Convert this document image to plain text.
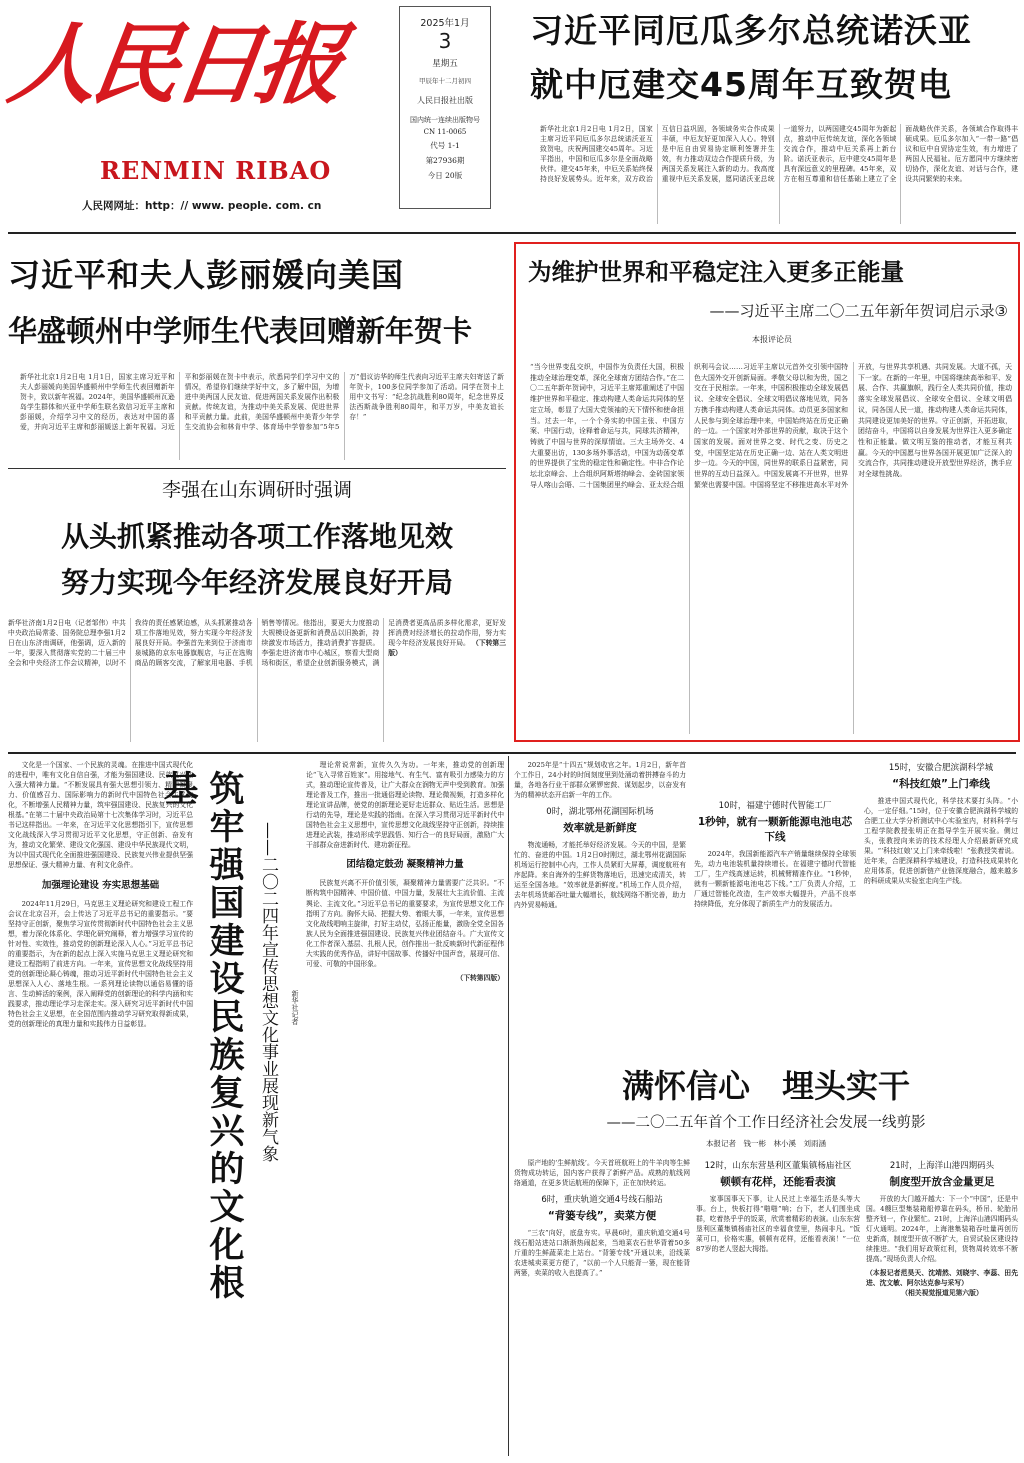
人民日报
RENMIN RIBAO
人民网网址：http：// www. people. com. cn
2025年1月
3
星期五
甲辰年十二月初四
人民日报社出版
国内统一连续出版物号
CN 11-0065
代号 1-1
第27936期
今日 20版
习近平同厄瓜多尔总统诺沃亚
就中厄建交45周年互致贺电
新华社北京1月2日电 1月2日，国家主席习近平同厄瓜多尔总统诺沃亚互致贺电，庆祝两国建交45周年。习近平指出，中国和厄瓜多尔是全面战略伙伴。建交45年来，中厄关系始终保持良好发展势头。近年来，双方政治互信日益巩固，各领域务实合作成果丰硕，中厄友好更加深入人心。特别是中厄自由贸易协定顺利签署并生效，有力推动双边合作提质升级，为两国关系发展注入新的动力。我高度重视中厄关系发展，愿同诺沃亚总统一道努力，以两国建交45周年为新起点，推动中厄传统友谊，深化各领域交流合作，推动中厄关系再上新台阶。诺沃亚表示，厄中建交45周年是具有深远意义的里程碑。45年来，双方在相互尊重和信任基础上建立了全面战略伙伴关系，各领域合作取得丰硕成果。厄瓜多尔加入“一带一路”倡议和厄中自贸协定生效，有力增进了两国人民福祉。厄方愿同中方继续密切协作，深化友谊、对话与合作，建设共同繁荣的未来。
习近平和夫人彭丽媛向美国
华盛顿州中学师生代表回赠新年贺卡
新华社北京1月2日电 1月1日，国家主席习近平和夫人彭丽媛向美国华盛顿州中学师生代表回赠新年贺卡，致以新年祝福。2024年，美国华盛顿州瓦逊岛学生群体和兴亚中学师生联名致信习近平主席和彭丽媛，介绍学习中文的经历，表达对中国的喜爱，并向习近平主席和彭丽媛送上新年祝福。习近平和彭丽媛在贺卡中表示，欣悉同学们学习中文的情况，希望你们继续学好中文，多了解中国，为增进中美两国人民友谊、促进两国关系发展作出积极贡献。传统友谊，为推动中美关系发展、促进世界和平贡献力量。此前，美国华盛顿州中美青少年学生交流协会和林肯中学、体育场中学曾参加“5年5万”倡议访华的师生代表向习近平主席夫妇寄送了新年贺卡，100多位同学参加了活动。同学在贺卡上用中文书写：“纪念抗战胜利80周年，纪念世界反法西斯战争胜利80周年，和平万岁，中美友谊长存！”
李强在山东调研时强调
从头抓紧推动各项工作落地见效
努力实现今年经济发展良好开局
新华社济南1月2日电（记者邹伟）中共中央政治局常委、国务院总理李强1月2日在山东济南调研，他强调，迈入新的一年，要深入贯彻落实党的二十届三中全会和中央经济工作会议精神，以时不我待的责任感紧迫感，从头抓紧推动各项工作落地见效，努力实现今年经济发展良好开局。李强首先来到位于济南市泉城路的京东电器旗舰店，与正在选购商品的顾客交流，了解家用电器、手机销售等情况。他指出，要更大力度推动大规模设备更新和消费品以旧换新，持续激发市场活力，推动消费扩容提质。李强走进济南市中心城区，察看大型商场和街区，希望企业创新服务模式，满足消费者更高品质多样化需求，更好发挥消费对经济增长的拉动作用，努力实现今年经济发展良好开局。 （下转第三版）
为维护世界和平稳定注入更多正能量
——习近平主席二〇二五年新年贺词启示录③
本报评论员
“当今世界变乱交织，中国作为负责任大国，积极推动全球治理变革，深化全球南方团结合作。”在二〇二五年新年贺词中，习近平主席郑重阐述了中国维护世界和平稳定、推动构建人类命运共同体的坚定立场，彰显了大国大党领袖的天下情怀和使命担当。过去一年，一个个务实的中国主张、中国方案、中国行动，诠释着命运与共，同球共济精神，铸就了中国与世界的深厚情谊。三大主场外交、4大重要出访，130多场外事活动，中国为动荡变革的世界提供了宝贵的稳定性和确定性。中非合作论坛北京峰会、上合组织阿斯塔纳峰会、金砖国家领导人喀山会晤、二十国集团里约峰会、亚太经合组织利马会议……习近平主席以元首外交引领中国特色大国外交开创新局面。孝敬父母以和为贵，国之交在于民相亲。一年来，中国积极推动全球发展倡议、全球安全倡议、全球文明倡议落地见效，同各方携手推动构建人类命运共同体。动员更多国家和人民参与到全球治理中来，中国始终站在历史正确的一边。一个国家对外部世界的贡献，取决于这个国家的发展。面对世界之变、时代之变、历史之变，中国坚定站在历史正确一边、站在人类文明进步一边。今天的中国，同世界的联系日益紧密，同世界的互动日益深入。中国发展离不开世界，世界繁荣也需要中国。中国将坚定不移推进高水平对外开放，与世界共享机遇、共同发展。大道不孤，天下一家。在新的一年里，中国将继续高举和平、发展、合作、共赢旗帜，践行全人类共同价值，推动落实全球发展倡议、全球安全倡议、全球文明倡议，同各国人民一道，推动构建人类命运共同体，共同建设更加美好的世界。守正创新，开拓进取，团结奋斗，中国将以自身发展为世界注入更多确定性和正能量。做文明互鉴的推动者，才能互利共赢。今天的中国愿与世界各国开展更加广泛深入的交流合作，共同推动建设开放型世界经济，携手应对全球性挑战。

文化是一个国家、一个民族的灵魂。在推进中国式现代化的进程中，唯有文化自信自强，才能为强国建设、民族复兴注入强大精神力量。“不断发展具有强大思想引领力、精神凝聚力、价值感召力、国际影响力的新时代中国特色社会主义文化，不断增强人民精神力量，筑牢强国建设、民族复兴的文化根基。”在第二十届中央政治局第十七次集体学习时，习近平总书记这样指出。一年来，在习近平文化思想指引下，宣传思想文化战线深入学习贯彻习近平文化思想，守正创新、奋发有为，推动文化繁荣、建设文化强国、建设中华民族现代文明，为以中国式现代化全面推进强国建设、民族复兴伟业提供坚强思想保证、强大精神力量、有利文化条件。

加强理论建设 夯实思想基础

2024年11月29日，马克思主义理论研究和建设工程工作会议在北京召开，会上传达了习近平总书记的重要指示。“要坚持守正创新，聚焦学习宣传贯彻新时代中国特色社会主义思想，着力深化体系化、学理化研究阐释，着力增强学习宣传的针对性、实效性，推动党的创新理论深入人心。”习近平总书记的重要指示，为在新的起点上深入实施马克思主义理论研究和建设工程指明了前进方向。一年来，宣传思想文化战线坚持用党的创新理论凝心铸魂，推动习近平新时代中国特色社会主义思想深入人心、落地生根。一系列理论读物以通俗易懂的语言、生动鲜活的案例，深入阐释党的创新理论的科学内涵和实践要求，推动理论学习走深走实。深入研究习近平新时代中国特色社会主义思想，在全国范围内推动学习研究取得新成果，党的创新理论的真理力量和实践伟力日益彰显。	筑牢强国建设民族复兴的文化根基
——二〇二四年宣传思想文化事业展现新气象	新华社记者

理论常说常新，宣传久久为功。一年来，推动党的创新理论“飞入寻常百姓家”。用接地气、有生气、富有吸引力感染力的方式，推动理论宣传普及，让广大群众在润物无声中受到教育。加强理论普及工作，推出一批通俗理论读物、理论微视频，打造多样化理论宣讲品牌，使党的创新理论更好走近群众、贴近生活。思想是行动的先导，理论是实践的指南。在深入学习贯彻习近平新时代中国特色社会主义思想中，宣传思想文化战线坚持守正创新，持续推进理论武装，推动形成学思践悟、知行合一的良好局面，激励广大干部群众奋进新时代、建功新征程。

团结稳定鼓劲 凝聚精神力量

民族复兴离不开价值引领，凝聚精神力量需要广泛共识。“不断构筑中国精神、中国价值、中国力量，发展壮大主流价值、主流舆论、主流文化。”习近平总书记的重要要求，为宣传思想文化工作指明了方向。胸怀大局、把握大势、着眼大事，一年来，宣传思想文化战线唱响主旋律，打好主动仗，弘扬正能量，激励全党全国各族人民为全面推进强国建设、民族复兴伟业团结奋斗。广大宣传文化工作者深入基层、扎根人民，创作推出一批反映新时代新征程伟大实践的优秀作品，讲好中国故事、传播好中国声音，展现可信、可爱、可敬的中国形象。

（下转第四版）

2025年是“十四五”规划收官之年。1月2日，新年首个工作日，24小时的时间刻度里到处涌动着拼搏奋斗的力量，各地各行业干部群众紧锣密鼓、谋划起步，以奋发有为的精神状态开启新一年的工作。

0时，湖北鄂州花湖国际机场
效率就是新鲜度

物流通畅，才能托举好经济发展。今天的中国，是繁忙的、奋进的中国。1月2日0时刚过，湖北鄂州花湖国际机场运行控制中心内，工作人员紧盯大屏幕，调度航班有序起降。来自海外的生鲜货物落地后，迅速完成清关，转运至全国各地。“效率就是新鲜度。”机场工作人员介绍，去年机场货邮吞吐量大幅增长，航线网络不断完善，助力内外贸易畅通。

10时，福建宁德时代智能工厂
1秒钟，就有一颗新能源电池电芯下线

2024年，我国新能源汽车产销量继续保持全球领先，动力电池装机量持续增长。在福建宁德时代智能工厂，生产线高速运转，机械臂精准作业。“1秒钟，就有一颗新能源电池电芯下线。”工厂负责人介绍，工厂通过智能化改造，生产效率大幅提升，产品不良率持续降低，充分体现了新质生产力的发展活力。

15时，安徽合肥滨湖科学城
“科技红娘”上门牵线

推进中国式现代化，科学技术要打头阵。“小心，一定仔细。”15时，位于安徽合肥滨湖科学城的合肥工业大学分析测试中心实验室内，材料科学与工程学院教授张明正在指导学生开展实验。侧过头，张教授向来访的技术经理人介绍最新研究成果。“‘科技红娘’又上门来牵线啦！”张教授笑着说。近年来，合肥深耕科学城建设，打造科技成果转化应用体系，促进创新链产业链深度融合，越来越多的科研成果从实验室走向生产线。

满怀信心　埋头实干
——二〇二五年首个工作日经济社会发展一线剪影
本报记者　钱一彬　林小溪　刘雨涵

原产地的‘生鲜航线’。今天首班航班上的牛羊肉等生鲜货物成功转运，国内客户获得了新鲜产品。成熟的航线网络通道，在更多货运航班的保障下，正在加快转运。

6时，重庆轨道交通4号线石船站
“背篓专线”，卖菜方便

“三农”向好，底盘夯实。早晨6时，重庆轨道交通4号线石船站进站口渐渐热闹起来，当地菜农石世华背着50多斤重的生鲜蔬菜走上站台。“背篓专线”开通以来，沿线菜农进城卖菜更方便了，“以前一个人只能背一篓，现在能背两篓，卖菜的收入也提高了。”

12时，山东东营垦利区董集镇杨庙社区
顿顿有花样，还能看表演

家事国事天下事，让人民过上幸福生活是头等大事。台上，快板打得“啪啪”响；台下，老人们围坐成群，吃着热乎乎的饭菜，欣赏着精彩的表演。山东东营垦利区董集镇杨庙社区的幸福食堂里，热闹非凡。“饭菜可口，价格实惠，顿顿有花样，还能看表演！”一位87岁的老人竖起大拇指。

21时，上海洋山港四期码头
制度型开放含金量更足

开放的大门越开越大：下一个“中国”，还是中国。4艘巨型集装箱船停靠在码头，桥吊、轮胎吊整齐划一，作业繁忙。21时，上海洋山港四期码头灯火通明。2024年，上海港集装箱吞吐量再创历史新高，制度型开放不断扩大，自贸试验区建设持续推进。“我们用好政策红利，货物周转效率不断提高。”现场负责人介绍。

（本报记者范昊天、沈靖然、刘晓宇、李蕊、田先进、沈文敏、阿尔达克参与采写）
（相关视觉报道见第六版）
